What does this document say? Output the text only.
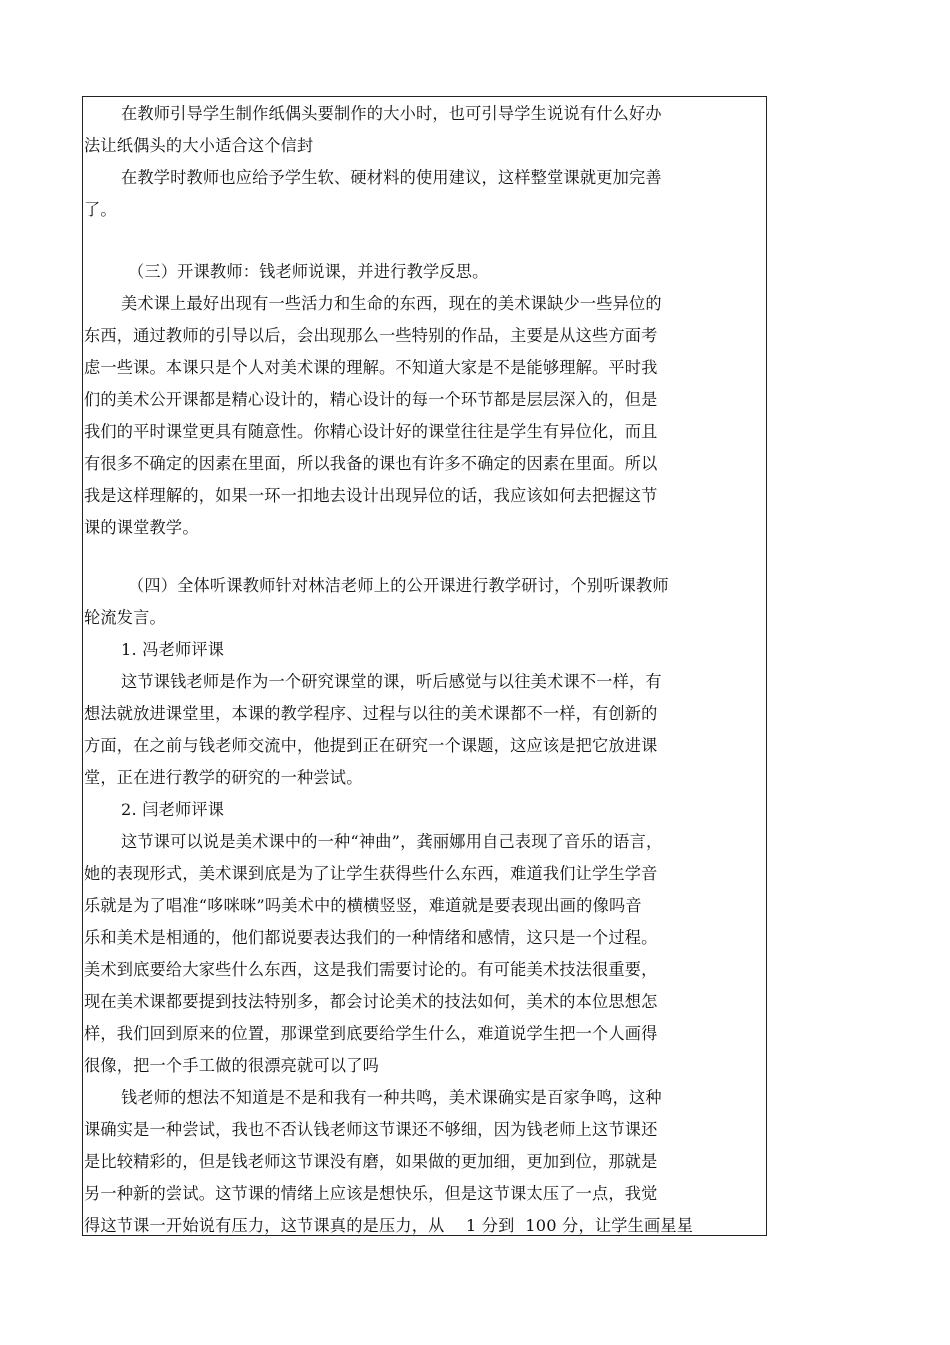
在教师引导学生制作纸偶头要制作的大小时，也可引导学生说说有什么好办
法让纸偶头的大小适合这个信封
在教学时教师也应给予学生软、硬材料的使用建议，这样整堂课就更加完善
了。
（三）开课教师：钱老师说课，并进行教学反思。
美术课上最好出现有一些活力和生命的东西，现在的美术课缺少一些异位的
东西，通过教师的引导以后，会出现那么一些特别的作品，主要是从这些方面考
虑一些课。本课只是个人对美术课的理解。不知道大家是不是能够理解。平时我
们的美术公开课都是精心设计的，精心设计的每一个环节都是层层深入的，但是
我们的平时课堂更具有随意性。你精心设计好的课堂往往是学生有异位化，而且
有很多不确定的因素在里面，所以我备的课也有许多不确定的因素在里面。所以
我是这样理解的，如果一环一扣地去设计出现异位的话，我应该如何去把握这节
课的课堂教学。
（四）全体听课教师针对林洁老师上的公开课进行教学研讨，个别听课教师
轮流发言。
1. 冯老师评课
这节课钱老师是作为一个研究课堂的课，听后感觉与以往美术课不一样，有
想法就放进课堂里，本课的教学程序、过程与以往的美术课都不一样，有创新的
方面，在之前与钱老师交流中，他提到正在研究一个课题，这应该是把它放进课
堂，正在进行教学的研究的一种尝试。
2. 闫老师评课
这节课可以说是美术课中的一种“神曲”，龚丽娜用自己表现了音乐的语言，
她的表现形式，美术课到底是为了让学生获得些什么东西，难道我们让学生学音
乐就是为了唱准“哆咪咪”吗美术中的横横竖竖，难道就是要表现出画的像吗音
乐和美术是相通的，他们都说要表达我们的一种情绪和感情，这只是一个过程。
美术到底要给大家些什么东西，这是我们需要讨论的。有可能美术技法很重要，
现在美术课都要提到技法特别多，都会讨论美术的技法如何，美术的本位思想怎
样，我们回到原来的位置，那课堂到底要给学生什么，难道说学生把一个人画得
很像，把一个手工做的很漂亮就可以了吗
钱老师的想法不知道是不是和我有一种共鸣，美术课确实是百家争鸣，这种
课确实是一种尝试，我也不否认钱老师这节课还不够细，因为钱老师上这节课还
是比较精彩的，但是钱老师这节课没有磨，如果做的更加细，更加到位，那就是
另一种新的尝试。这节课的情绪上应该是想快乐，但是这节课太压了一点，我觉
得这节课一开始说有压力，这节课真的是压力，从    1 分到  100 分，让学生画星星
